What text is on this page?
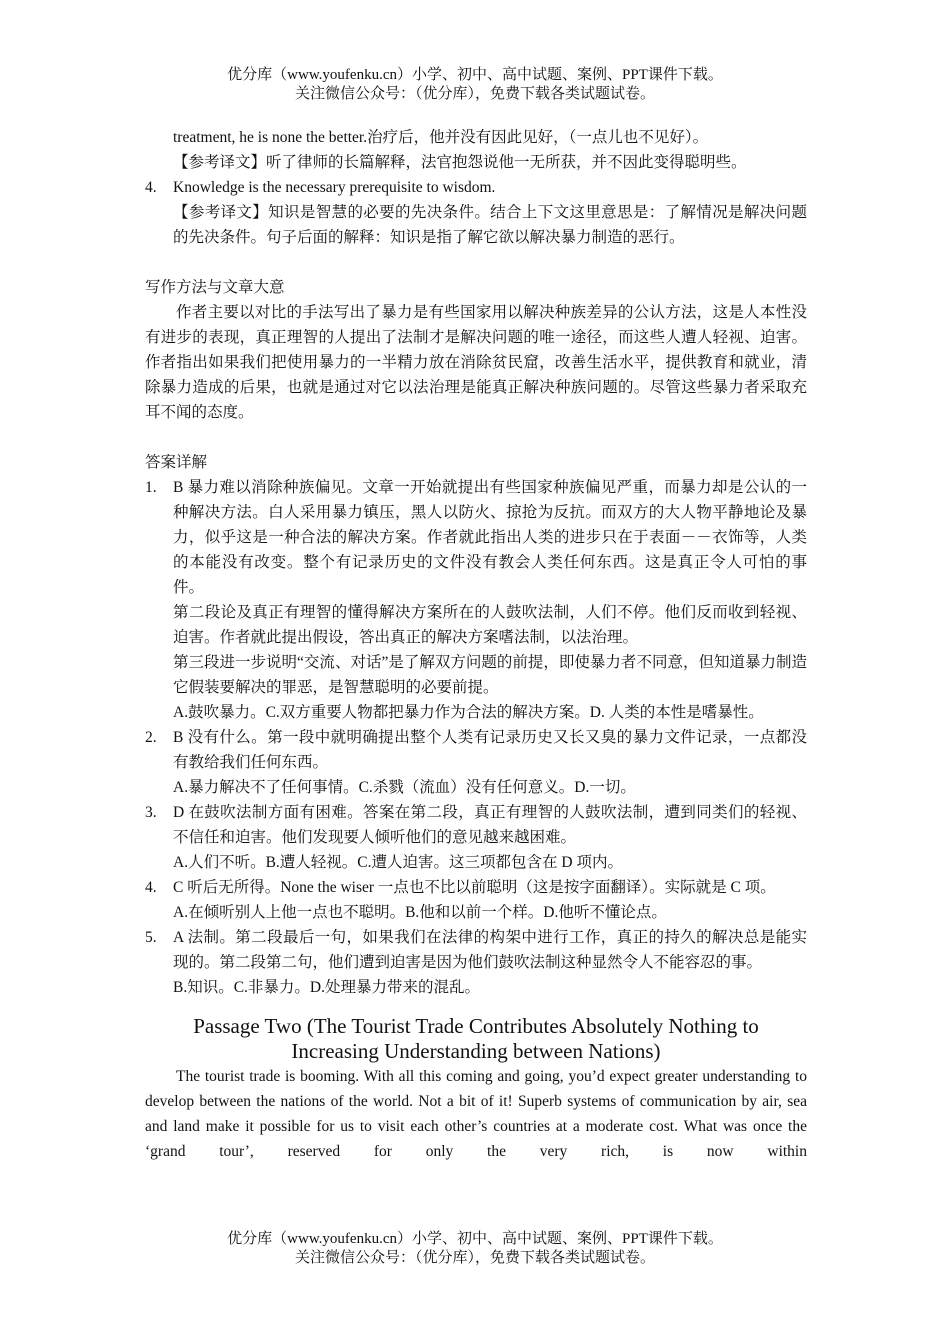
优分库（www.youfenku.cn）小学、初中、高中试题、案例、PPT课件下载。
关注微信公众号：（优分库），免费下载各类试题试卷。
treatment, he is none the better.治疗后，他并没有因此见好，（一点儿也不见好）。
【参考译文】听了律师的长篇解释，法官抱怨说他一无所获，并不因此变得聪明些。
4.	Knowledge is the necessary prerequisite to wisdom.
【参考译文】知识是智慧的必要的先决条件。结合上下文这里意思是：了解情况是解决问题的先决条件。句子后面的解释：知识是指了解它欲以解决暴力制造的恶行。
写作方法与文章大意
作者主要以对比的手法写出了暴力是有些国家用以解决种族差异的公认方法，这是人本性没有进步的表现，真正理智的人提出了法制才是解决问题的唯一途径，而这些人遭人轻视、迫害。作者指出如果我们把使用暴力的一半精力放在消除贫民窟，改善生活水平，提供教育和就业，清除暴力造成的后果，也就是通过对它以法治理是能真正解决种族问题的。尽管这些暴力者采取充耳不闻的态度。
答案详解
1.	B 暴力难以消除种族偏见。文章一开始就提出有些国家种族偏见严重，而暴力却是公认的一种解决方法。白人采用暴力镇压，黑人以防火、掠抢为反抗。而双方的大人物平静地论及暴力，似乎这是一种合法的解决方案。作者就此指出人类的进步只在于表面－－衣饰等，人类的本能没有改变。整个有记录历史的文件没有教会人类任何东西。这是真正令人可怕的事件。
第二段论及真正有理智的懂得解决方案所在的人鼓吹法制，人们不停。他们反而收到轻视、迫害。作者就此提出假设，答出真正的解决方案嗜法制，以法治理。
第三段进一步说明“交流、对话”是了解双方问题的前提，即使暴力者不同意，但知道暴力制造它假装要解决的罪恶，是智慧聪明的必要前提。
A.鼓吹暴力。C.双方重要人物都把暴力作为合法的解决方案。D. 人类的本性是嗜暴性。
2.	B 没有什么。第一段中就明确提出整个人类有记录历史又长又臭的暴力文件记录，一点都没有教给我们任何东西。
A.暴力解决不了任何事情。C.杀戮（流血）没有任何意义。D.一切。
3.	D 在鼓吹法制方面有困难。答案在第二段，真正有理智的人鼓吹法制，遭到同类们的轻视、不信任和迫害。他们发现要人倾听他们的意见越来越困难。
A.人们不听。B.遭人轻视。C.遭人迫害。这三项都包含在 D 项内。
4.	C 听后无所得。None the wiser 一点也不比以前聪明（这是按字面翻译）。实际就是 C 项。
A.在倾听别人上他一点也不聪明。B.他和以前一个样。D.他听不懂论点。
5.	A 法制。第二段最后一句，如果我们在法律的构架中进行工作，真正的持久的解决总是能实现的。第二段第二句，他们遭到迫害是因为他们鼓吹法制这种显然令人不能容忍的事。
B.知识。C.非暴力。D.处理暴力带来的混乱。
Passage Two (The Tourist Trade Contributes Absolutely Nothing to
Increasing Understanding between Nations)
The tourist trade is booming. With all this coming and going, you’d expect greater understanding to develop between the nations of the world. Not a bit of it! Superb systems of communication by air, sea and land make it possible for us to visit each other’s countries at a moderate cost. What was once the ‘grand tour’, reserved for only the very rich, is now within
优分库（www.youfenku.cn）小学、初中、高中试题、案例、PPT课件下载。
关注微信公众号：（优分库），免费下载各类试题试卷。
